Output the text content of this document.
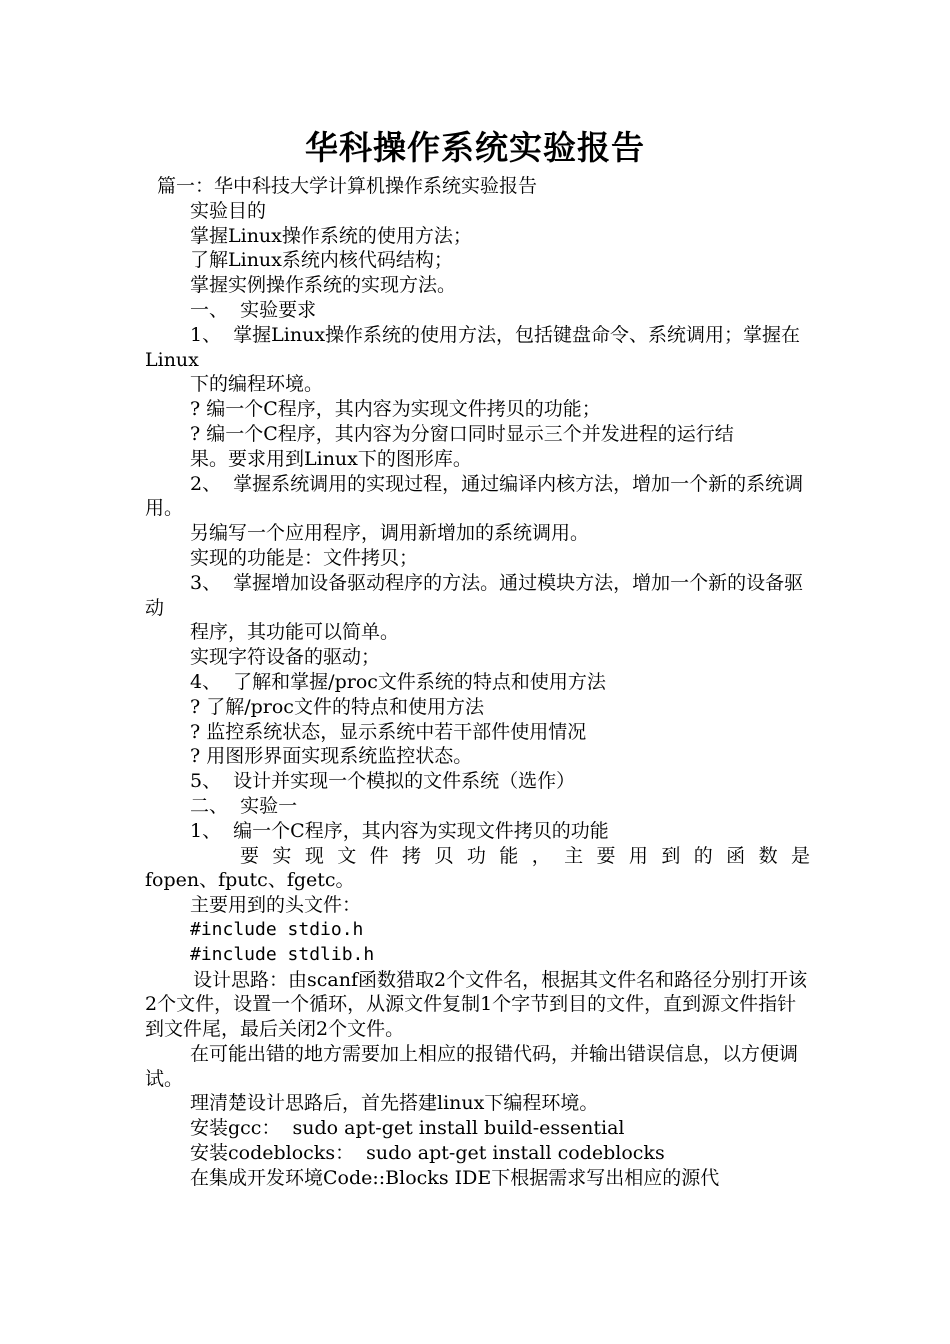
华科操作系统实验报告

篇一：华中科技大学计算机操作系统实验报告

实验目的

掌握Linux操作系统的使用方法；

了解Linux系统内核代码结构；

掌握实例操作系统的实现方法。

一、  实验要求

1、  掌握Linux操作系统的使用方法，包括键盘命令、系统调用；掌握在Linux

下的编程环境。

? 编一个C程序，其内容为实现文件拷贝的功能；

? 编一个C程序，其内容为分窗口同时显示三个并发进程的运行结

果。要求用到Linux下的图形库。

2、  掌握系统调用的实现过程，通过编译内核方法，增加一个新的系统调用。

另编写一个应用程序，调用新增加的系统调用。

实现的功能是：文件拷贝；

3、  掌握增加设备驱动程序的方法。通过模块方法，增加一个新的设备驱动

程序，其功能可以简单。

实现字符设备的驱动；

4、  了解和掌握/proc文件系统的特点和使用方法

? 了解/proc文件的特点和使用方法

? 监控系统状态，显示系统中若干部件使用情况

? 用图形界面实现系统监控状态。

5、  设计并实现一个模拟的文件系统（选作）

二、  实验一

1、  编一个C程序，其内容为实现文件拷贝的功能

要 实 现 文 件 拷 贝 功 能 ， 主 要 用 到 的 函 数 是

fopen、fputc、fgetc。

主要用到的头文件：

#include stdio.h

#include stdlib.h

设计思路：由scanf函数猎取2个文件名，根据其文件名和路径分别打开该2个文件，设置一个循环，从源文件复制1个字节到目的文件，直到源文件指针到文件尾，最后关闭2个文件。

在可能出错的地方需要加上相应的报错代码，并输出错误信息，以方便调试。

理清楚设计思路后，首先搭建linux下编程环境。

安装gcc：  sudo apt-get install build-essential

安装codeblocks：  sudo apt-get install codeblocks

在集成开发环境Code::Blocks IDE下根据需求写出相应的源代
